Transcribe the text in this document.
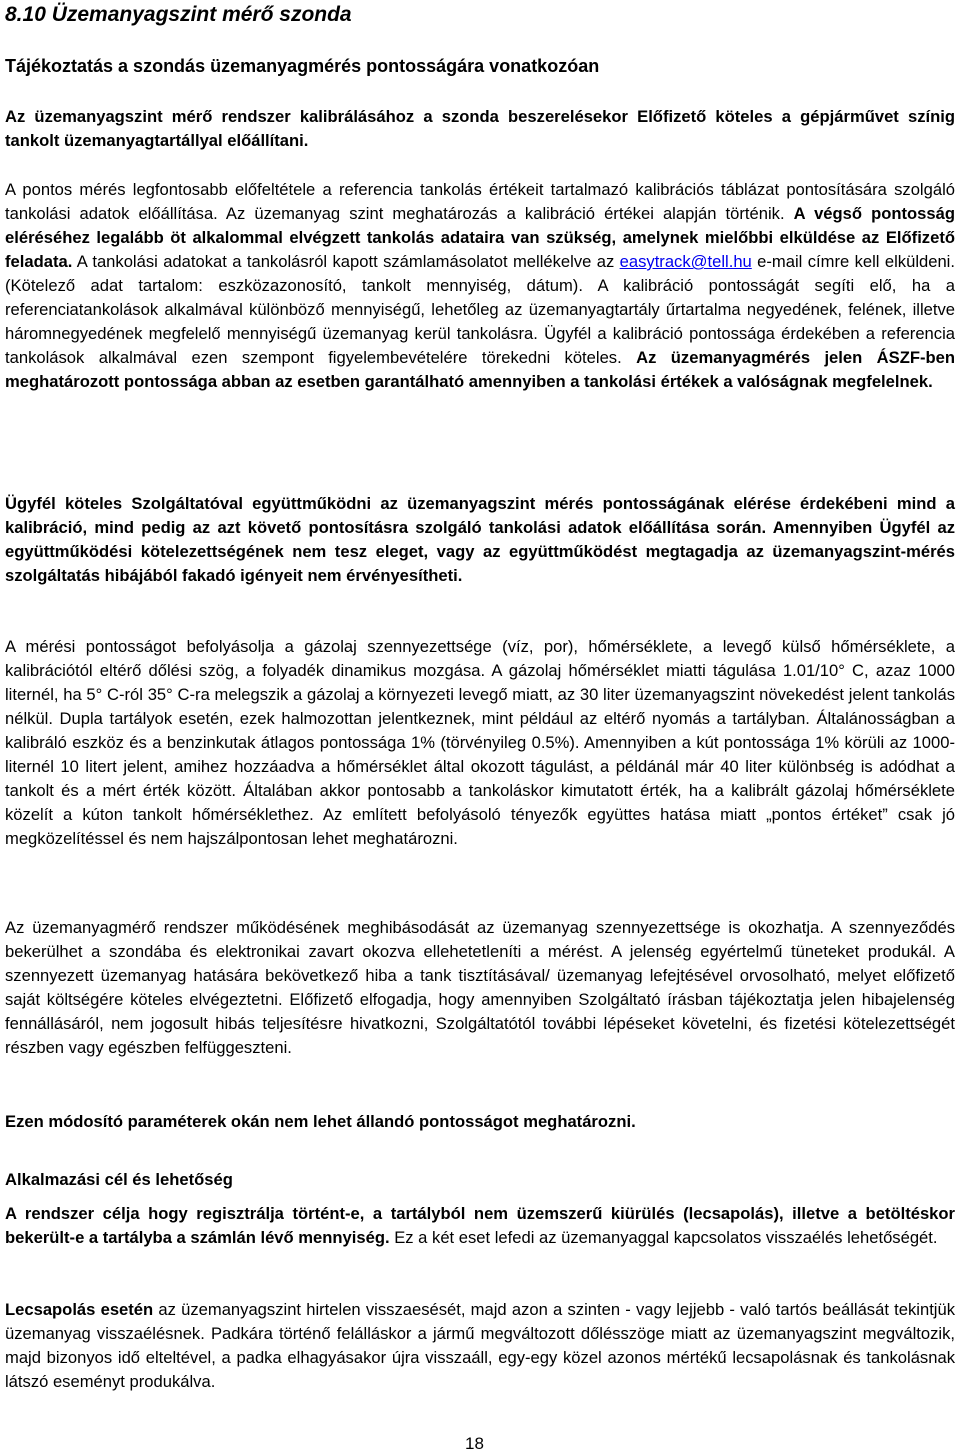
8.10 Üzemanyagszint mérő szonda

Tájékoztatás a szondás üzemanyagmérés pontosságára vonatkozóan

Az üzemanyagszint mérő rendszer kalibrálásához a szonda beszerelésekor Előfizető köteles a gépjárművet színig tankolt üzemanyagtartállyal előállítani.

A pontos mérés legfontosabb előfeltétele a referencia tankolás értékeit tartalmazó kalibrációs táblázat pontosítására szolgáló tankolási adatok előállítása. Az üzemanyag szint meghatározás a kalibráció értékei alapján történik. A végső pontosság eléréséhez legalább öt alkalommal elvégzett tankolás adataira van szükség, amelynek mielőbbi elküldése az Előfizető feladata. A tankolási adatokat a tankolásról kapott számlamásolatot mellékelve az easytrack@tell.hu e-mail címre kell elküldeni. (Kötelező adat tartalom: eszközazonosító, tankolt mennyiség, dátum). A kalibráció pontosságát segíti elő, ha a referenciatankolások alkalmával különböző mennyiségű, lehetőleg az üzemanyagtartály űrtartalma negyedének, felének, illetve háromnegyedének megfelelő mennyiségű üzemanyag kerül tankolásra. Ügyfél a kalibráció pontossága érdekében a referencia tankolások alkalmával ezen szempont figyelembevételére törekedni köteles. Az üzemanyagmérés jelen ÁSZF-ben meghatározott pontossága abban az esetben garantálható amennyiben a tankolási értékek a valóságnak megfelelnek.

Ügyfél köteles Szolgáltatóval együttműködni az üzemanyagszint mérés pontosságának elérése érdekébeni mind a kalibráció, mind pedig az azt követő pontosításra szolgáló tankolási adatok előállítása során. Amennyiben Ügyfél az együttműködési kötelezettségének nem tesz eleget, vagy az együttműködést megtagadja az üzemanyagszint-mérés szolgáltatás hibájából fakadó igényeit nem érvényesítheti.

A mérési pontosságot befolyásolja a gázolaj szennyezettsége (víz, por), hőmérséklete, a levegő külső hőmérséklete, a kalibrációtól eltérő dőlési szög, a folyadék dinamikus mozgása. A gázolaj hőmérséklet miatti tágulása 1.01/10° C, azaz 1000 liternél, ha 5° C-ról 35° C-ra melegszik a gázolaj a környezeti levegő miatt, az 30 liter üzemanyagszint növekedést jelent tankolás nélkül. Dupla tartályok esetén, ezek halmozottan jelentkeznek, mint például az eltérő nyomás a tartályban. Általánosságban a kalibráló eszköz és a benzinkutak átlagos pontossága 1% (törvényileg 0.5%). Amennyiben a kút pontossága 1% körüli az 1000-liternél 10 litert jelent, amihez hozzáadva a hőmérséklet által okozott tágulást, a példánál már 40 liter különbség is adódhat a tankolt és a mért érték között. Általában akkor pontosabb a tankoláskor kimutatott érték, ha a kalibrált gázolaj hőmérséklete közelít a kúton tankolt hőmérséklethez. Az említett befolyásoló tényezők együttes hatása miatt „pontos értéket” csak jó megközelítéssel és nem hajszálpontosan lehet meghatározni.

Az üzemanyagmérő rendszer működésének meghibásodását az üzemanyag szennyezettsége is okozhatja. A szennyeződés bekerülhet a szondába és elektronikai zavart okozva ellehetetleníti a mérést. A jelenség egyértelmű tüneteket produkál. A szennyezett üzemanyag hatására bekövetkező hiba a tank tisztításával/ üzemanyag lefejtésével orvosolható, melyet előfizető saját költségére köteles elvégeztetni. Előfizető elfogadja, hogy amennyiben Szolgáltató írásban tájékoztatja jelen hibajelenség fennállásáról, nem jogosult hibás teljesítésre hivatkozni, Szolgáltatótól további lépéseket követelni, és fizetési kötelezettségét részben vagy egészben felfüggeszteni.

Ezen módosító paraméterek okán nem lehet állandó pontosságot meghatározni.

Alkalmazási cél és lehetőség

A rendszer célja hogy regisztrálja történt-e, a tartályból nem üzemszerű kiürülés (lecsapolás), illetve a betöltéskor bekerült-e a tartályba a számlán lévő mennyiség. Ez a két eset lefedi az üzemanyaggal kapcsolatos visszaélés lehetőségét.

Lecsapolás esetén az üzemanyagszint hirtelen visszaesését, majd azon a szinten - vagy lejjebb - való tartós beállását tekintjük üzemanyag visszaélésnek. Padkára történő felálláskor a jármű megváltozott dőlésszöge miatt az üzemanyagszint megváltozik, majd bizonyos idő elteltével, a padka elhagyásakor újra visszaáll, egy-egy közel azonos mértékű lecsapolásnak és tankolásnak látszó eseményt produkálva.

18
